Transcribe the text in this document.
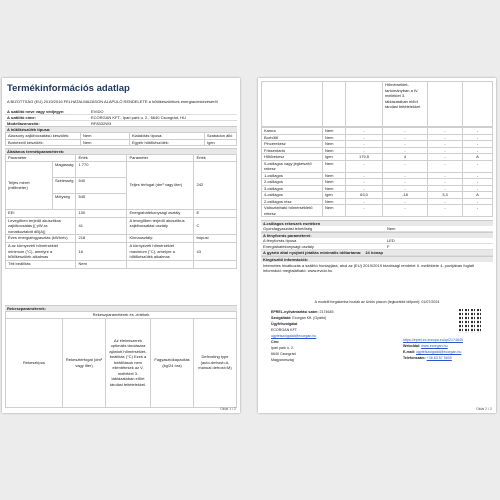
Termékinformációs adatlap
A BIZOTTSÁG (EU) 2019/2016 FELHATALMAZÁSON ALAPULÓ RENDELETE a hűtőkészülékek energiacímkézéséről
A szállító neve vagy védjegye:	EVIDO
A szállító címe:	ECORGAN KFT., Ipari park u. 2., 6640 Csongrád, HU
Modellazonosító:	RF8332W3
A hűtőkészülék típusa:
Alacsony zajkibocsátású készülék:	Nem	Kialakítás típusa:	Szabadon álló
Borkezelő készülék:	Nem	Egyéb hűtőkészülék:	Igen
Általános termékparaméterek:
Paraméter		Érték	Paraméter	Érték
Teljes méret (milliméter)	Magasság	1 770	Teljes térfogat (dm³ vagy liter)	242
	Szélesség	540		
	Mélység	545		
EEI		100	Energiahatékonysági osztály	E
Levegőben terjedő akusztikus zajkibocsátás [( pW-ra vonatkoztatott dB(A)]		41	A levegőben terjedő akusztikus zajkibocsátási osztály	C
Éves energiafogyasztás (kWh/év)		218	Klímaosztály:	trópusi
A az környezeti hőmérséklet minimum (°C), amelyre a hűtőkészülék alkalmas		16	A környezeti hőmérséklet maximum (°C), amelyre a hűtőkészülék alkalmas	43
Téli beállítás		Nem		
Rekeszparaméterek:
Rekeszparaméterek és -értékek
Rekesztípus	Rekesztérfogat (dm³ vagy liter)	Az élelmiszerek optimális tárolására ajánlott hőmérséklet-beállítás (°C) Ezek a beállítások nem ellentétesek az V. melléklet 3. táblázatában előírt tárolási feltételekkel.	Fagyasztókapacitás (kg/24 óra)	Defrosting type (auto-defrost=A, manual defrost=M)
Oldal 1 / 2
			Hőmérséklet-tartományban a IV. melléklet 3. táblázatában előírt tárolási feltételekkel.		
Kamra	Nem	-	-	-	-
Borhűtő	Nem	-	-	-	-
Pincerekesz	Nem	-	-	-	-
Frissentartó	Nem	-	-	-	-
Hűtőrekesz	Igen	179,5	4	-	A
0-csillagos vagy jégkészítő rekesz	Nem	-	-	-	-
1-csillagos	Nem	-	-	-	-
2-csillagos	Nem	-	-	-	-
3-csillagos	Nem	-	-	-	-
4-csillagos	Igen	63,0	-18	3,3	A
2-csillagos rész	Nem	-	-	-	-
Változtatható hőmérsékletű rekesz	Nem	-	-	-	-
4-csillagos rekeszek esetében
Gyorsfagyasztási lehetőség	Nem
A fényforrás paraméterei:
A fényforrás típusa	LED
Energiahatékonysági osztály	F
A gyártó által nyújtott jótállás minimális időtartama:	24 hónap
Kiegészítő információk:
Internetes hivatkozás a szállító honlapjára, ahol az (EU) 2019/2019 bizottsági rendelet II. melléklete 4. pontjában foglalt információ megtalálható: www.evido.hu
A modellt forgalomba hozták az Uniós piacon (legkorábbi időpont): 01/07/2024
EPREL-nyilvántartási szám: 2174645
Szolgáltató: Ecorgan Kft. (Gyártó)
Ügyfélszolgálat
ECORGAN KFT.
ugyfelszolgalat@ecorgan.hu
Cím:
Ipari park u. 2.
6640 Csongrád
Magyarország
https://eprel.ec.europa.eu/qr/2174645
Weboldal: www.ecorgan.hu
E-mail: ugyfelszolgalat@ecorgan.hu
Telefonszám: +36 63 57 5600
Oldal 2 / 2
